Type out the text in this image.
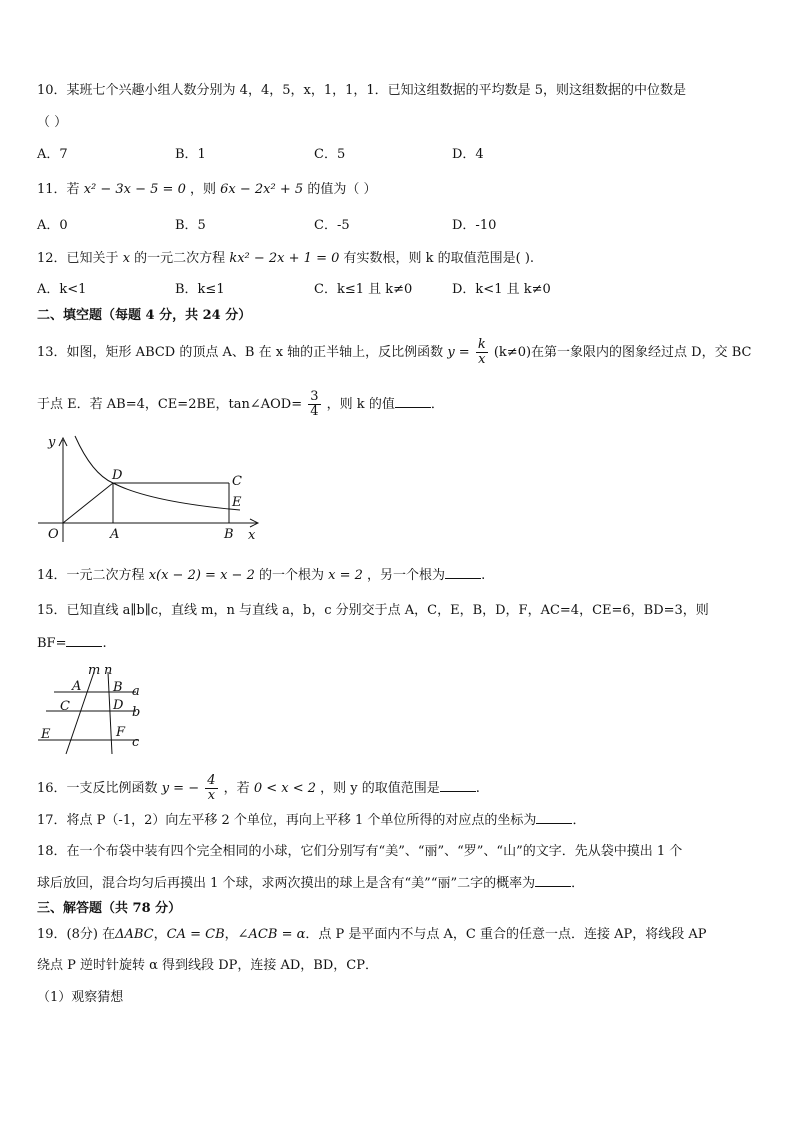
10．某班七个兴趣小组人数分别为 4，4，5，x，1，1，1．已知这组数据的平均数是 5，则这组数据的中位数是
（ ）
A．7	B．1	C．5	D．4
11．若 x² − 3x − 5 = 0 ，则 6x − 2x² + 5 的值为（ ）
A．0	B．5	C．-5	D．-10
12．已知关于 x 的一元二次方程 kx² − 2x + 1 = 0 有实数根，则 k 的取值范围是( ).
A．k<1	B．k≤1	C．k≤1 且 k≠0	D．k<1 且 k≠0
二、填空题（每题 4 分，共 24 分）
13．如图，矩形 ABCD 的顶点 A、B 在 x 轴的正半轴上，反比例函数 $y = \frac{k}{x} (k\ne 0)$在第一象限内的图象经过点 D，交 BC
于点 E．若 AB=4，CE=2BE，tan∠AOD= $\frac{3}{4}$ ，则 k 的值	．
y
O	A	B x
D	C
E
14．一元二次方程 x(x − 2) = x − 2 的一个根为 x = 2 ，另一个根为	.
15．已知直线 a∥b∥c，直线 m，n 与直线 a，b，c 分别交于点 A，C，E，B，D，F，AC=4，CE=6，BD=3，则
BF=	.
m n
A B a
C	D b
E	F
c
16．一支反比例函数 y = − $\frac{4}{x}$ ，若 0 < x < 2 ，则 y 的取值范围是	.
17．将点 P（-1，2）向左平移 2 个单位，再向上平移 1 个单位所得的对应点的坐标为	．
18．在一个布袋中装有四个完全相同的小球，它们分别写有“美”、“丽”、“罗”、“山”的文字．先从袋中摸出 1 个
球后放回，混合均匀后再摸出 1 个球，求两次摸出的球上是含有“美”“丽”二字的概率为	．
三、解答题（共 78 分）
19．(8分) 在ΔABC，CA = CB，∠ACB = α．点 P 是平面内不与点 A，C 重合的任意一点．连接 AP，将线段 AP
绕点 P 逆时针旋转 α 得到线段 DP，连接 AD，BD，CP．
（1）观察猜想
